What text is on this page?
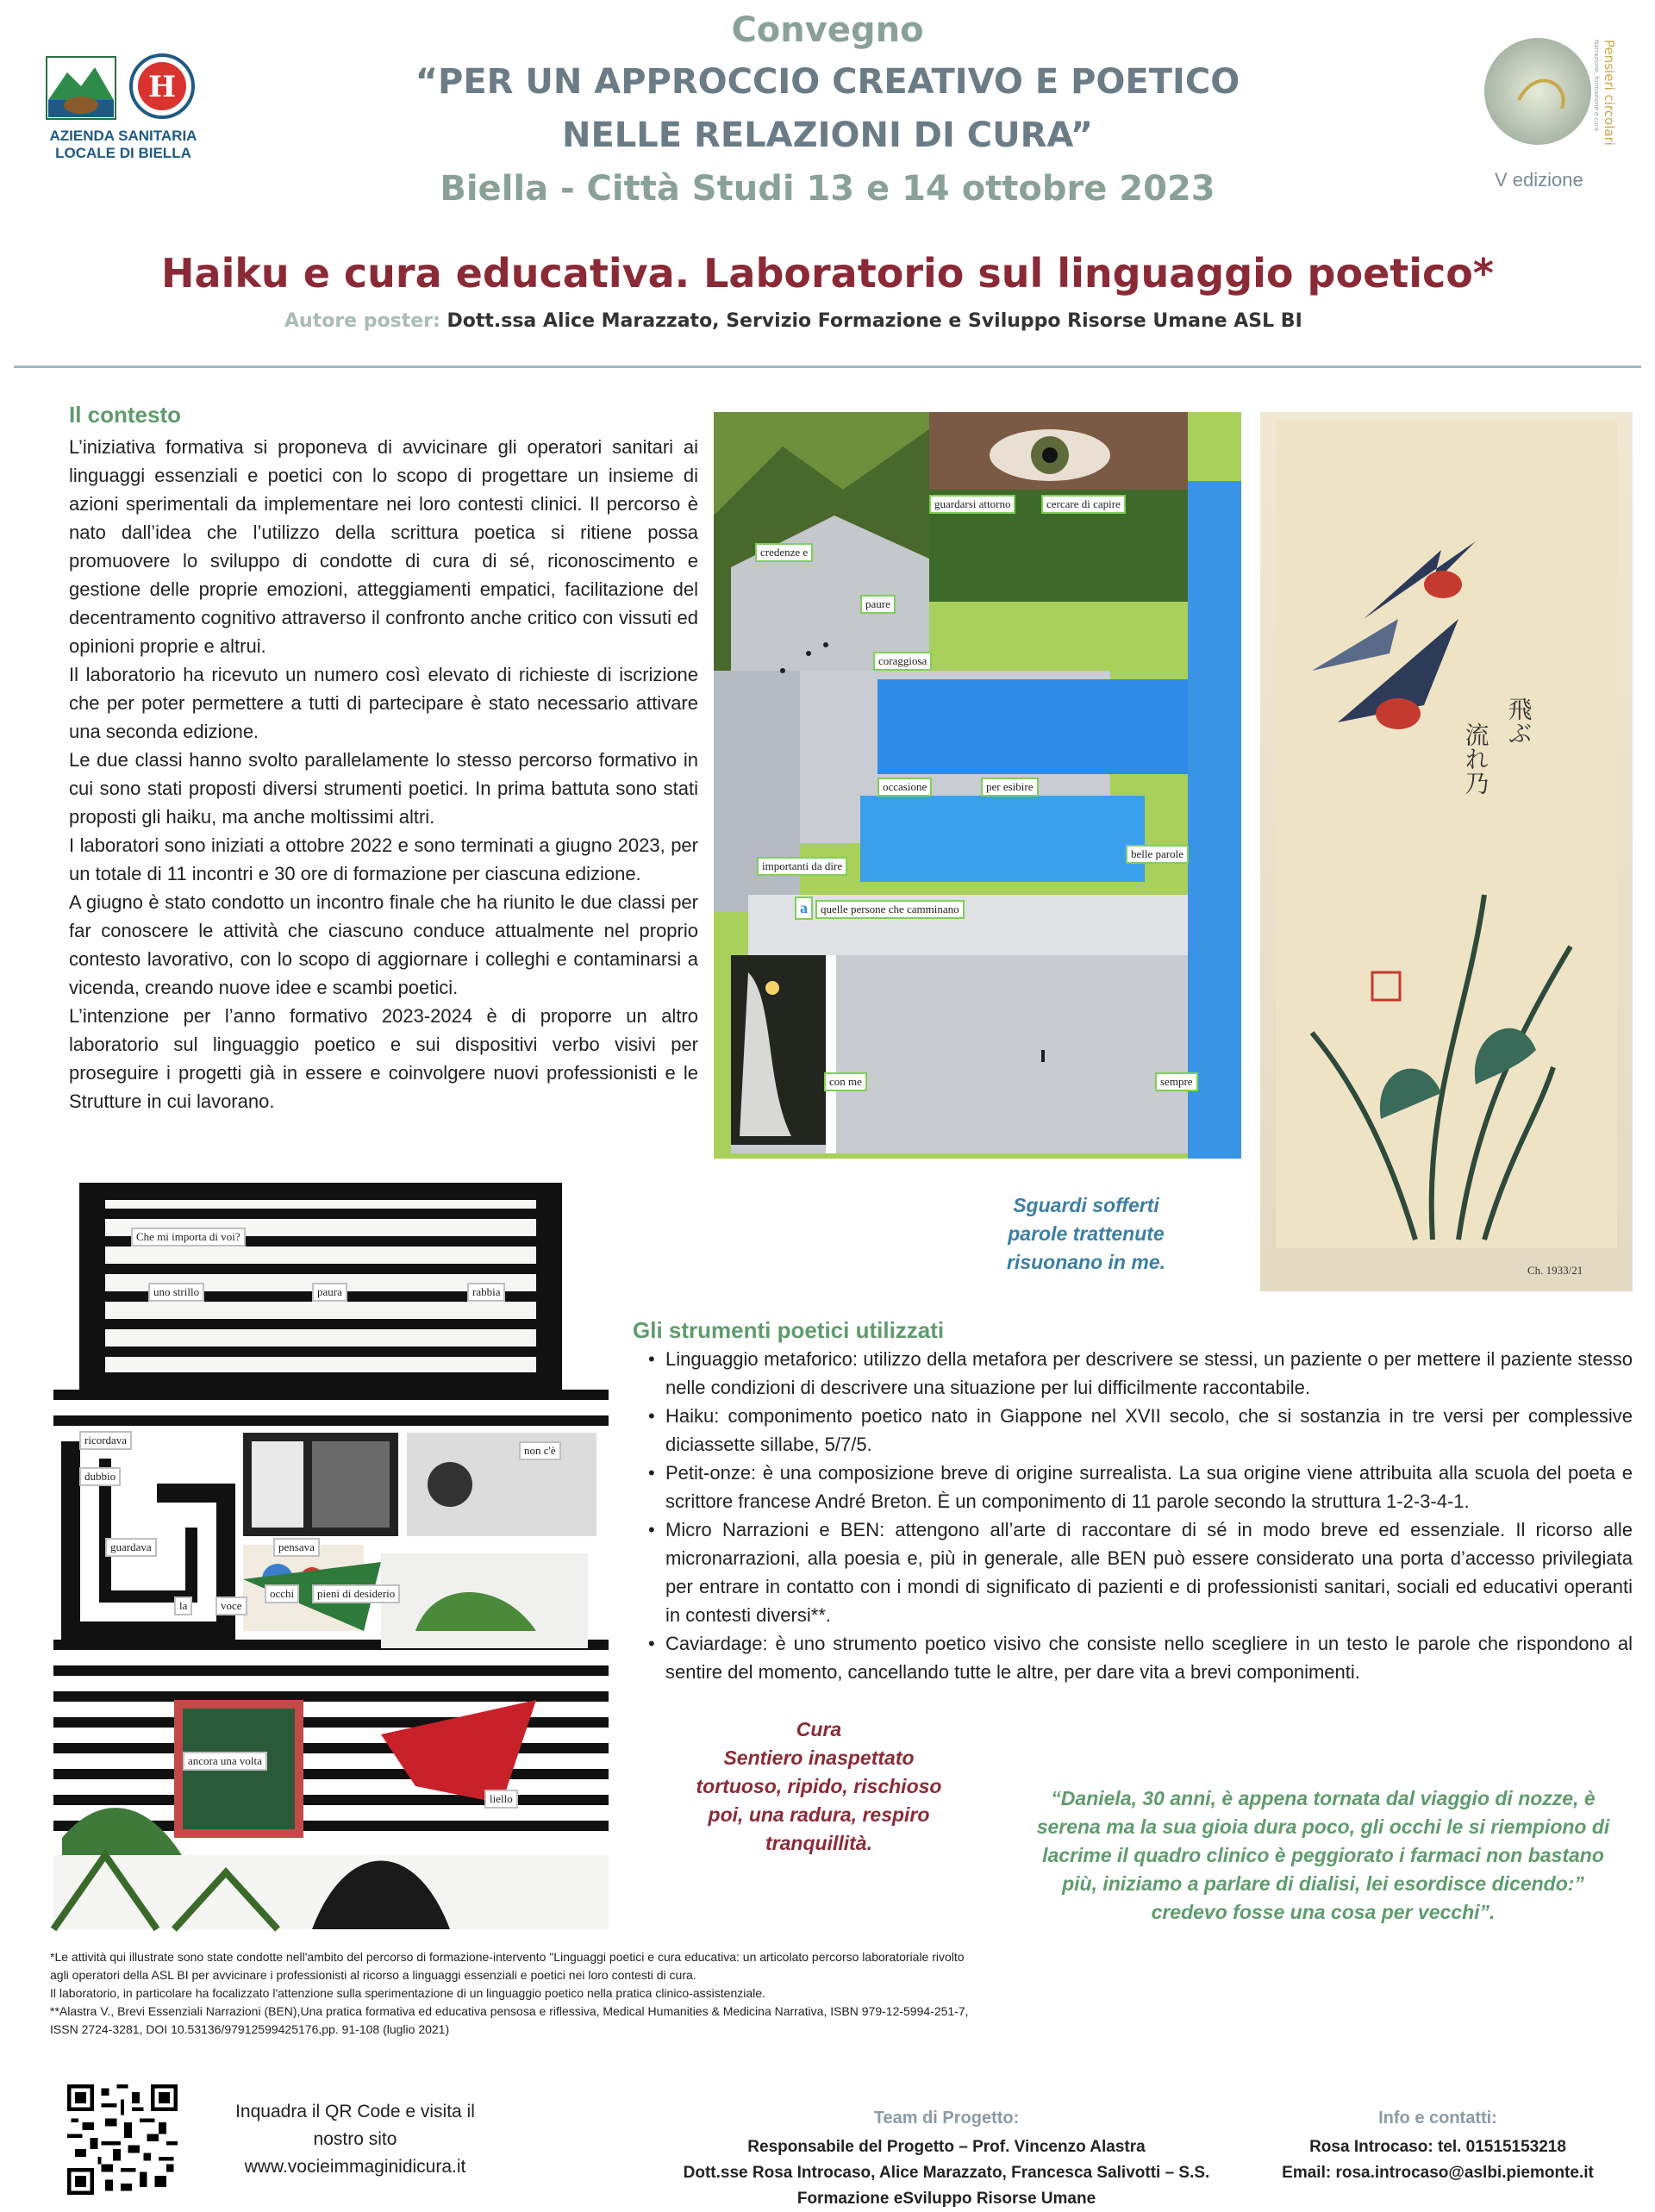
Convegno
“PER UN APPROCCIO CREATIVO E POETICO
NELLE RELAZIONI DI CURA”
Biella - Città Studi 13 e 14 ottobre 2023
H
AZIENDA SANITARIA
LOCALE DI BIELLA
Pensieri circolari
Narrazione, formazione e cura
V edizione
Haiku e cura educativa. Laboratorio sul linguaggio poetico*
Autore poster: Dott.ssa Alice Marazzato, Servizio Formazione e Sviluppo Risorse Umane ASL BI
Il contesto

L’iniziativa formativa si proponeva di avvicinare gli operatori sanitari ai linguaggi essenziali e poetici con lo scopo di progettare un insieme di azioni sperimentali da implementare nei loro contesti clinici. Il percorso è nato dall’idea che l’utilizzo della scrittura poetica si ritiene possa promuovere lo sviluppo di condotte di cura di sé, riconoscimento e gestione delle proprie emozioni, atteggiamenti empatici, facilitazione del decentramento cognitivo attraverso il confronto anche critico con vissuti ed opinioni proprie e altrui.

Il laboratorio ha ricevuto un numero così elevato di richieste di iscrizione che per poter permettere a tutti di partecipare è stato necessario attivare una seconda edizione.

Le due classi hanno svolto parallelamente lo stesso percorso formativo in cui sono stati proposti diversi strumenti poetici. In prima battuta sono stati proposti gli haiku, ma anche moltissimi altri.

I laboratori sono iniziati a ottobre 2022 e sono terminati a giugno 2023, per un totale di 11 incontri e 30 ore di formazione per ciascuna edizione.

A giugno è stato condotto un incontro finale che ha riunito le due classi per far conoscere le attività che ciascuno conduce attualmente nel proprio contesto lavorativo, con lo scopo di aggiornare i colleghi e contaminarsi a vicenda, creando nuove idee e scambi poetici.

L’intenzione per l’anno formativo 2023-2024 è di proporre un altro laboratorio sul linguaggio poetico e sui dispositivi verbo visivi per proseguire i progetti già in essere e coinvolgere nuovi professionisti e le Strutture in cui lavorano.

guardarsi attorno	cercare di capire
credenze e
paure
coraggiosa
occasione	per esibire
belle parole
importanti da dire
a	quelle persone che camminano
con me	sempre
流れ乃
飛ぶ
Ch. 1933/21
Sguardi sofferti
parole trattenute
risuonano in me.
Che mi importa di voi?
uno strillo	paura	rabbia
ricordava
dubbio
non c'è
guardava	pensava
occhi	pieni di desiderio
la	voce
ancora una volta
liello
Gli strumenti poetici utilizzati
• Linguaggio metaforico: utilizzo della metafora per descrivere se stessi, un paziente o per mettere il paziente stesso nelle condizioni di descrivere una situazione per lui difficilmente raccontabile.
• Haiku: componimento poetico nato in Giappone nel XVII secolo, che si sostanzia in tre versi per complessive diciassette sillabe, 5/7/5.
• Petit-onze: è una composizione breve di origine surrealista. La sua origine viene attribuita alla scuola del poeta e scrittore francese André Breton. È un componimento di 11 parole secondo la struttura 1-2-3-4-1.
• Micro Narrazioni e BEN: attengono all’arte di raccontare di sé in modo breve ed essenziale. Il ricorso alle micronarrazioni, alla poesia e, più in generale, alle BEN può essere considerato una porta d’accesso privilegiata per entrare in contatto con i mondi di significato di pazienti e di professionisti sanitari, sociali ed educativi operanti in contesti diversi**.
• Caviardage: è uno strumento poetico visivo che consiste nello scegliere in un testo le parole che rispondono al sentire del momento, cancellando tutte le altre, per dare vita a brevi componimenti.
Cura
Sentiero inaspettato
tortuoso, ripido, rischioso
poi, una radura, respiro
tranquillità.
“Daniela, 30 anni, è appena tornata dal viaggio di nozze, è serena ma la sua gioia dura poco, gli occhi le si riempiono di lacrime il quadro clinico è peggiorato i farmaci non bastano più, iniziamo a parlare di dialisi, lei esordisce dicendo:” credevo fosse una cosa per vecchi”.

*Le attività qui illustrate sono state condotte nell'ambito del percorso di formazione-intervento "Linguaggi poetici e cura educativa: un articolato percorso laboratoriale rivolto agli operatori della ASL BI per avvicinare i professionisti al ricorso a linguaggi essenziali e poetici nei loro contesti di cura.

Il laboratorio, in particolare ha focalizzato l'attenzione sulla sperimentazione di un linguaggio poetico nella pratica clinico-assistenziale.

**Alastra V., Brevi Essenziali Narrazioni (BEN),Una pratica formativa ed educativa pensosa e riflessiva, Medical Humanities & Medicina Narrativa, ISBN 979-12-5994-251-7, ISSN 2724-3281, DOI 10.53136/97912599425176,pp. 91-108 (luglio 2021)

Inquadra il QR Code e visita il
nostro sito
www.vocieimmaginidicura.it
Team di Progetto:
Responsabile del Progetto – Prof. Vincenzo Alastra
Dott.sse Rosa Introcaso, Alice Marazzato, Francesca Salivotti – S.S.
Formazione eSviluppo Risorse Umane
Info e contatti:
Rosa Introcaso: tel. 01515153218
Email: rosa.introcaso@aslbi.piemonte.it
